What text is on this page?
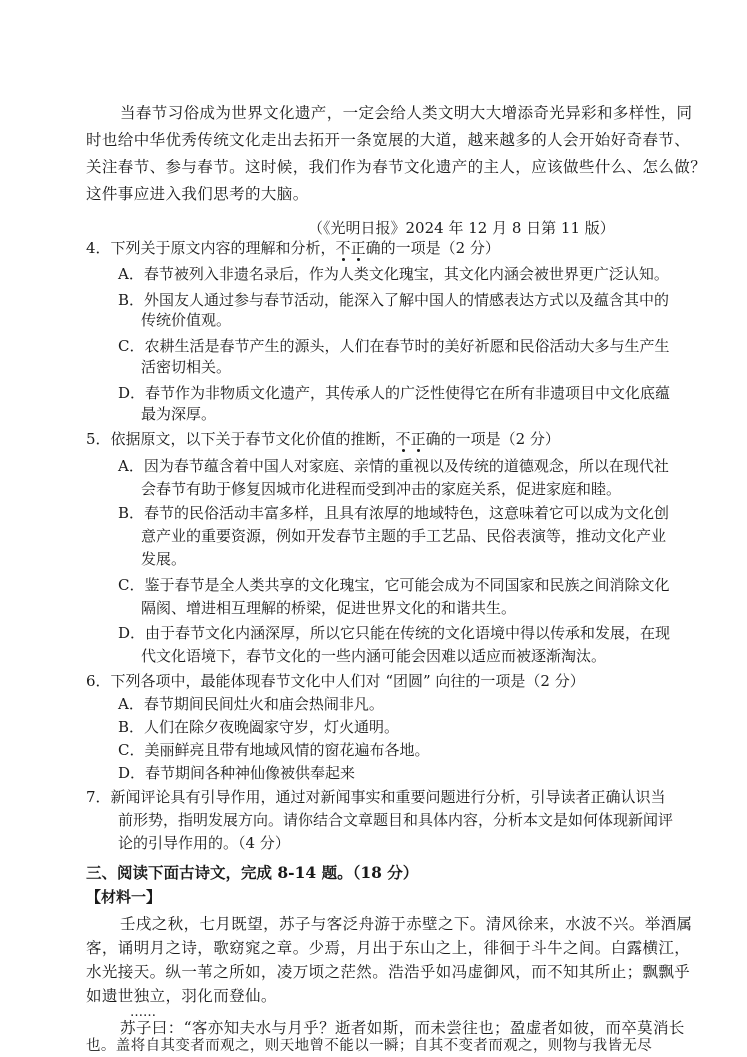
当春节习俗成为世界文化遗产，一定会给人类文明大大增添奇光异彩和多样性，同
时也给中华优秀传统文化走出去拓开一条宽展的大道，越来越多的人会开始好奇春节、
关注春节、参与春节。这时候，我们作为春节文化遗产的主人，应该做些什么、怎么做？
这件事应进入我们思考的大脑。
（《光明日报》2024 年 12 月 8 日第 11 版）
4．下列关于原文内容的理解和分析，不正确的一项是（2 分）
A．春节被列入非遗名录后，作为人类文化瑰宝，其文化内涵会被世界更广泛认知。
B．外国友人通过参与春节活动，能深入了解中国人的情感表达方式以及蕴含其中的
传统价值观。
C．农耕生活是春节产生的源头，人们在春节时的美好祈愿和民俗活动大多与生产生
活密切相关。
D．春节作为非物质文化遗产，其传承人的广泛性使得它在所有非遗项目中文化底蕴
最为深厚。
5．依据原文，以下关于春节文化价值的推断，不正确的一项是（2 分）
A．因为春节蕴含着中国人对家庭、亲情的重视以及传统的道德观念，所以在现代社
会春节有助于修复因城市化进程而受到冲击的家庭关系，促进家庭和睦。
B．春节的民俗活动丰富多样，且具有浓厚的地域特色，这意味着它可以成为文化创
意产业的重要资源，例如开发春节主题的手工艺品、民俗表演等，推动文化产业
发展。
C．鉴于春节是全人类共享的文化瑰宝，它可能会成为不同国家和民族之间消除文化
隔阂、增进相互理解的桥梁，促进世界文化的和谐共生。
D．由于春节文化内涵深厚，所以它只能在传统的文化语境中得以传承和发展，在现
代文化语境下，春节文化的一些内涵可能会因难以适应而被逐渐淘汰。
6．下列各项中，最能体现春节文化中人们对 “团圆” 向往的一项是（2 分）
A．春节期间民间灶火和庙会热闹非凡。
B．人们在除夕夜晚阖家守岁，灯火通明。
C．美丽鲜亮且带有地域风情的窗花遍布各地。
D．春节期间各种神仙像被供奉起来
7．新闻评论具有引导作用，通过对新闻事实和重要问题进行分析，引导读者正确认识当
前形势，指明发展方向。请你结合文章题目和具体内容，分析本文是如何体现新闻评
论的引导作用的。（4 分）
三、阅读下面古诗文，完成 8-14 题。（18 分）
【材料一】
壬戌之秋，七月既望，苏子与客泛舟游于赤壁之下。清风徐来，水波不兴。举酒属
客，诵明月之诗，歌窈窕之章。少焉，月出于东山之上，徘徊于斗牛之间。白露横江，
水光接天。纵一苇之所如，凌万顷之茫然。浩浩乎如冯虚御风，而不知其所止；飘飘乎
如遗世独立，羽化而登仙。
……
苏子曰：“客亦知夫水与月乎？逝者如斯，而未尝往也；盈虚者如彼，而卒莫消长
也。盖将自其变者而观之，则天地曾不能以一瞬；自其不变者而观之，则物与我皆无尽
